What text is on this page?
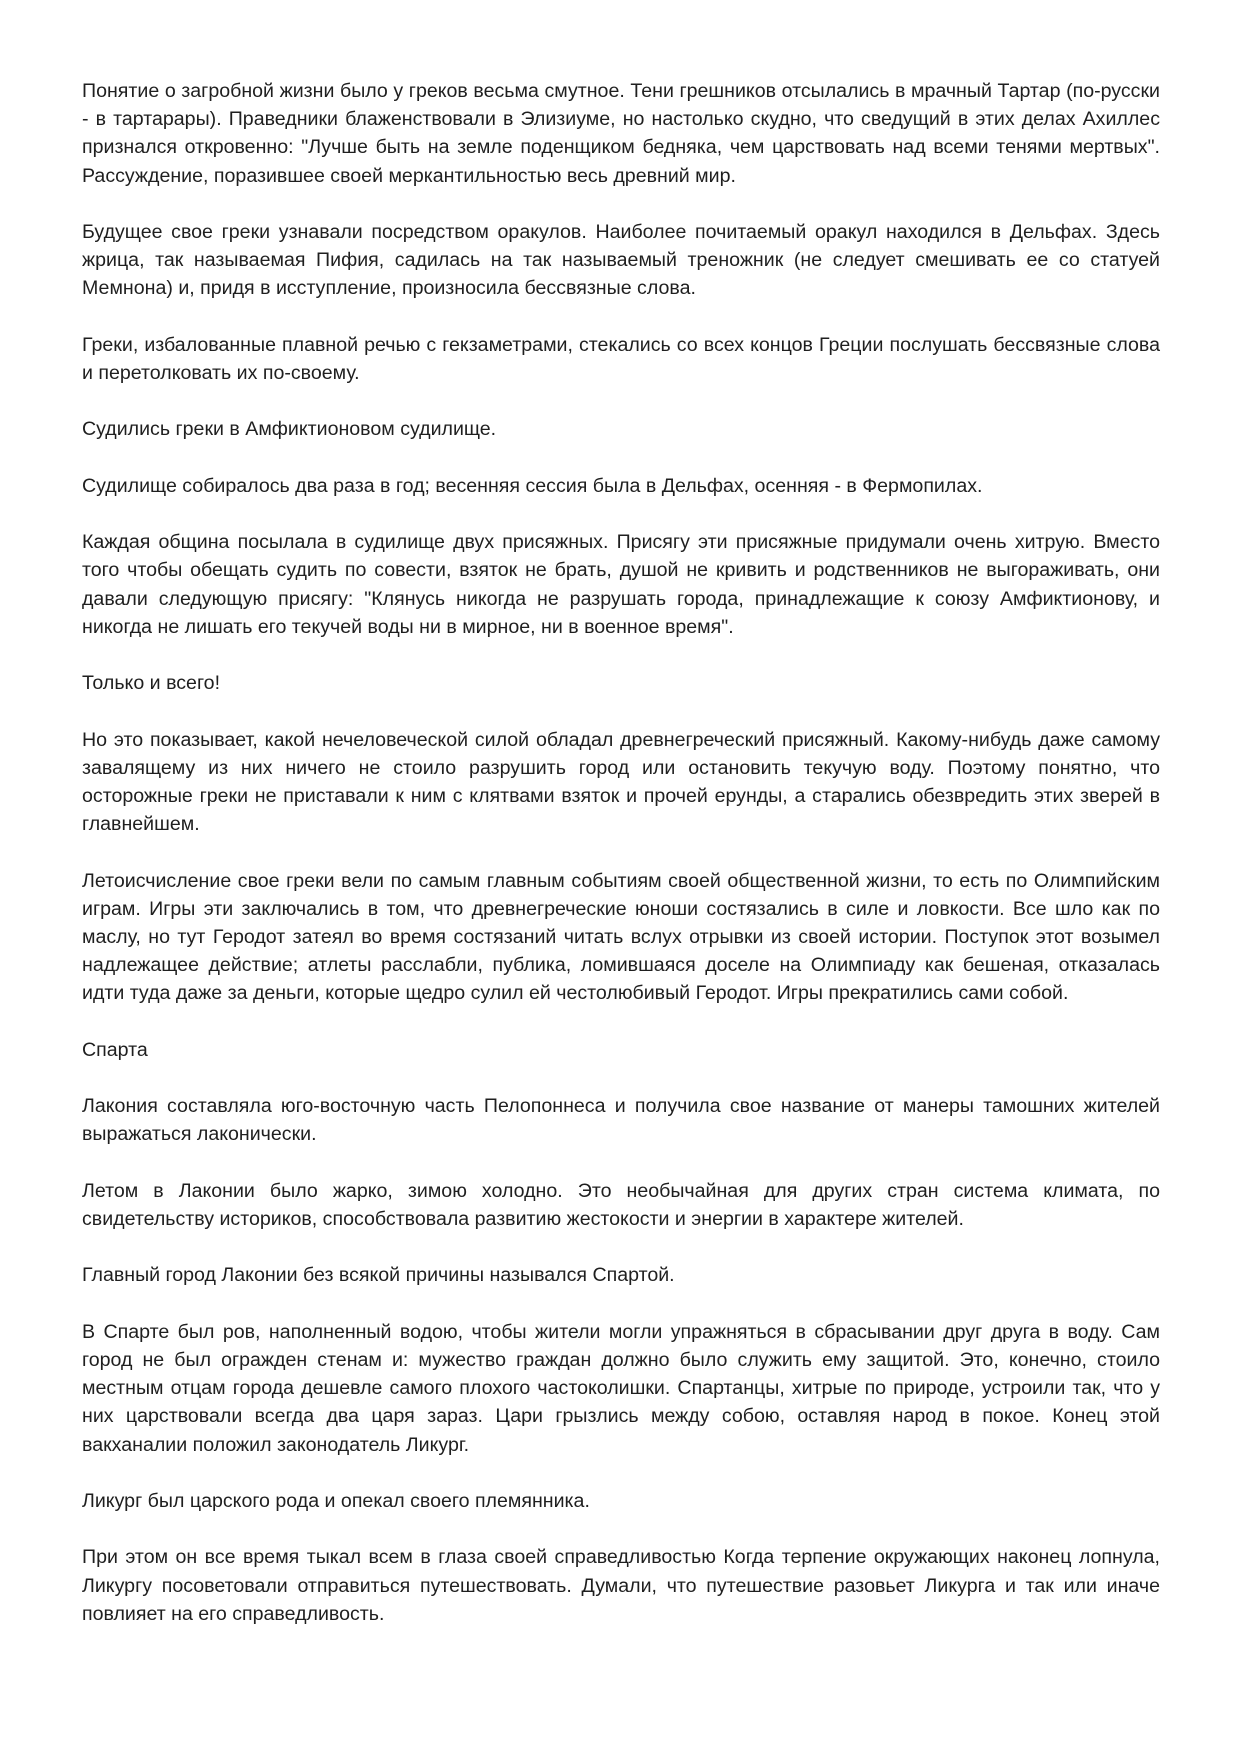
Понятие о загробной жизни было у греков весьма смутное. Тени грешников отсылались в мрачный Тартар (по-русски - в тартарары). Праведники блаженствовали в Элизиуме, но настолько скудно, что сведущий в этих делах Ахиллес признался откровенно: "Лучше быть на земле поденщиком бедняка, чем царствовать над всеми тенями мертвых". Рассуждение, поразившее своей меркантильностью весь древний мир.

Будущее свое греки узнавали посредством оракулов. Наиболее почитаемый оракул находился в Дельфах. Здесь жрица, так называемая Пифия, садилась на так называемый треножник (не следует смешивать ее со статуей Мемнона) и, придя в исступление, произносила бессвязные слова.

Греки, избалованные плавной речью с гекзаметрами, стекались со всех концов Греции послушать бессвязные слова и перетолковать их по-своему.

Судились греки в Амфиктионовом судилище.

Судилище собиралось два раза в год; весенняя сессия была в Дельфах, осенняя - в Фермопилах.

Каждая община посылала в судилище двух присяжных. Присягу эти присяжные придумали очень хитрую. Вместо того чтобы обещать судить по совести, взяток не брать, душой не кривить и родственников не выгораживать, они давали следующую присягу: "Клянусь никогда не разрушать города, принадлежащие к союзу Амфиктионову, и никогда не лишать его текучей воды ни в мирное, ни в военное время".

Только и всего!

Но это показывает, какой нечеловеческой силой обладал древнегреческий присяжный. Какому-нибудь даже самому завалящему из них ничего не стоило разрушить город или остановить текучую воду. Поэтому понятно, что осторожные греки не приставали к ним с клятвами взяток и прочей ерунды, а старались обезвредить этих зверей в главнейшем.

Летоисчисление свое греки вели по самым главным событиям своей общественной жизни, то есть по Олимпийским играм. Игры эти заключались в том, что древнегреческие юноши состязались в силе и ловкости. Все шло как по маслу, но тут Геродот затеял во время состязаний читать вслух отрывки из своей истории. Поступок этот возымел надлежащее действие; атлеты расслабли, публика, ломившаяся доселе на Олимпиаду как бешеная, отказалась идти туда даже за деньги, которые щедро сулил ей честолюбивый Геродот. Игры прекратились сами собой.

Спарта

Лакония составляла юго-восточную часть Пелопоннеса и получила свое название от манеры тамошних жителей выражаться лаконически.

Летом в Лаконии было жарко, зимою холодно. Это необычайная для других стран система климата, по свидетельству историков, способствовала развитию жестокости и энергии в характере жителей.

Главный город Лаконии без всякой причины назывался Спартой.

В Спарте был ров, наполненный водою, чтобы жители могли упражняться в сбрасывании друг друга в воду. Сам город не был огражден стенам и: мужество граждан должно было служить ему защитой. Это, конечно, стоило местным отцам города дешевле самого плохого частоколишки. Спартанцы, хитрые по природе, устроили так, что у них царствовали всегда два царя зараз. Цари грызлись между собою, оставляя народ в покое. Конец этой вакханалии положил законодатель Ликург.

Ликург был царского рода и опекал своего племянника.

При этом он все время тыкал всем в глаза своей справедливостью Когда терпение окружающих наконец лопнула, Ликургу посоветовали отправиться путешествовать. Думали, что путешествие разовьет Ликурга и так или иначе повлияет на его справедливость.
